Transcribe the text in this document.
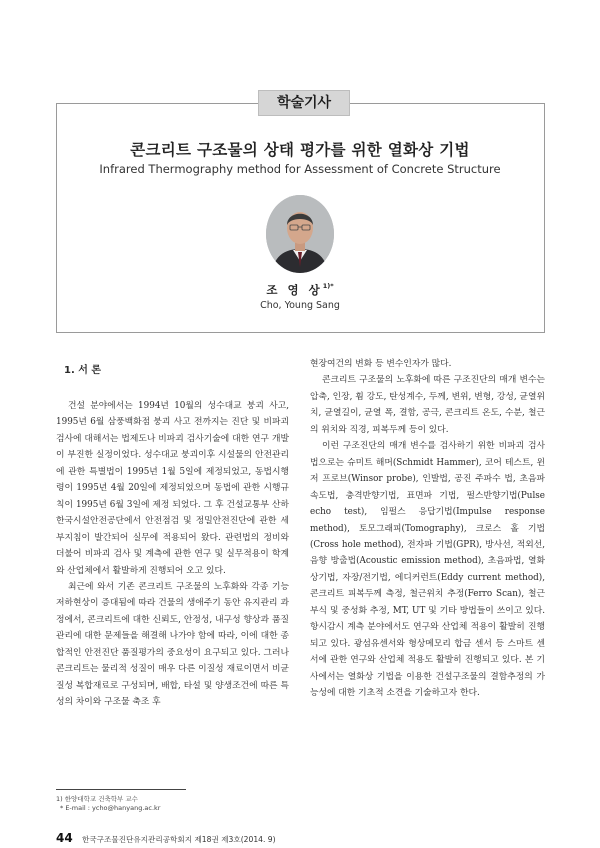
학술기사
콘크리트 구조물의 상태 평가를 위한 열화상 기법
Infrared Thermography method for Assessment of Concrete Structure
조 영 상$^{1)*}$
Cho, Young Sang
1. 서 론

건설 분야에서는 1994년 10월의 성수대교 붕괴 사고, 1995년 6월 삼풍백화점 붕괴 사고 전까지는 진단 및 비파괴 검사에 대해서는 법제도나 비파괴 검사기술에 대한 연구 개발이 부진한 실정이었다. 성수대교 붕괴이후 시설물의 안전관리에 관한 특별법이 1995년 1월 5일에 제정되었고, 동법시행령이 1995년 4월 20일에 제정되었으며 동법에 관한 시행규칙이 1995년 6월 3일에 제정 되었다. 그 후 건설교통부 산하 한국시설안전공단에서 안전점검 및 정밀안전진단에 관한 세부지침이 발간되어 실무에 적용되어 왔다. 관련법의 정비와 더불어 비파괴 검사 및 계측에 관한 연구 및 실무적용이 학계와 산업체에서 활발하게 진행되어 오고 있다.

최근에 와서 기존 콘크리트 구조물의 노후화와 각종 기능저하현상이 증대됨에 따라 건물의 생애주기 동안 유지관리 과정에서, 콘크리트에 대한 신뢰도, 안정성, 내구성 향상과 품질관리에 대한 문제들을 해결해 나가야 함에 따라, 이에 대한 종합적인 안전진단 품질평가의 중요성이 요구되고 있다. 그러나 콘크리트는 물리적 성질이 매우 다른 이질성 재료이면서 비균질성 복합재료로 구성되며, 배합, 타설 및 양생조건에 따른 특성의 차이와 구조물 축조 후

현장여건의 변화 등 변수인자가 많다.

콘크리트 구조물의 노후화에 따른 구조진단의 매개 변수는 압축, 인장, 휨 강도, 탄성계수, 두께, 변위, 변형, 강성, 균열위치, 균열길이, 균열 폭, 결함, 공극, 콘크리트 온도, 수분, 철근의 위치와 직경, 피복두께 등이 있다.

이런 구조진단의 매개 변수를 검사하기 위한 비파괴 검사법으로는 슈미트 해머(Schmidt Hammer), 코어 테스트, 윈저 프로브(Winsor probe), 인발법, 공진 주파수 법, 초음파 속도법, 충격반향기법, 표면파 기법, 펄스반향기법(Pulse echo test), 임펄스 응답기법(Impulse response method), 토모그래피(Tomography), 크로스 홀 기법(Cross hole method), 전자파 기법(GPR), 방사선, 적외선, 음향 방출법(Acoustic emission method), 초음파법, 열화상기법, 자장/전기법, 에디커런트(Eddy current method), 콘크리트 피복두께 측정, 철근위치 추정(Ferro Scan), 철근부식 및 중성화 추정, MT, UT 및 기타 방법들이 쓰이고 있다. 항시감시 계측 분야에서도 연구와 산업체 적용이 활발히 진행되고 있다. 광섬유센서와 형상메모리 합금 센서 등 스마트 센서에 관한 연구와 산업체 적용도 활발히 진행되고 있다. 본 기사에서는 열화상 기법을 이용한 건설구조물의 결함추정의 가능성에 대한 기초적 소견을 기술하고자 한다.

1) 한양대학교 건축학부 교수
* E-mail : ycho@hanyang.ac.kr
44 한국구조물진단유지관리공학회지 제18권 제3호(2014. 9)
